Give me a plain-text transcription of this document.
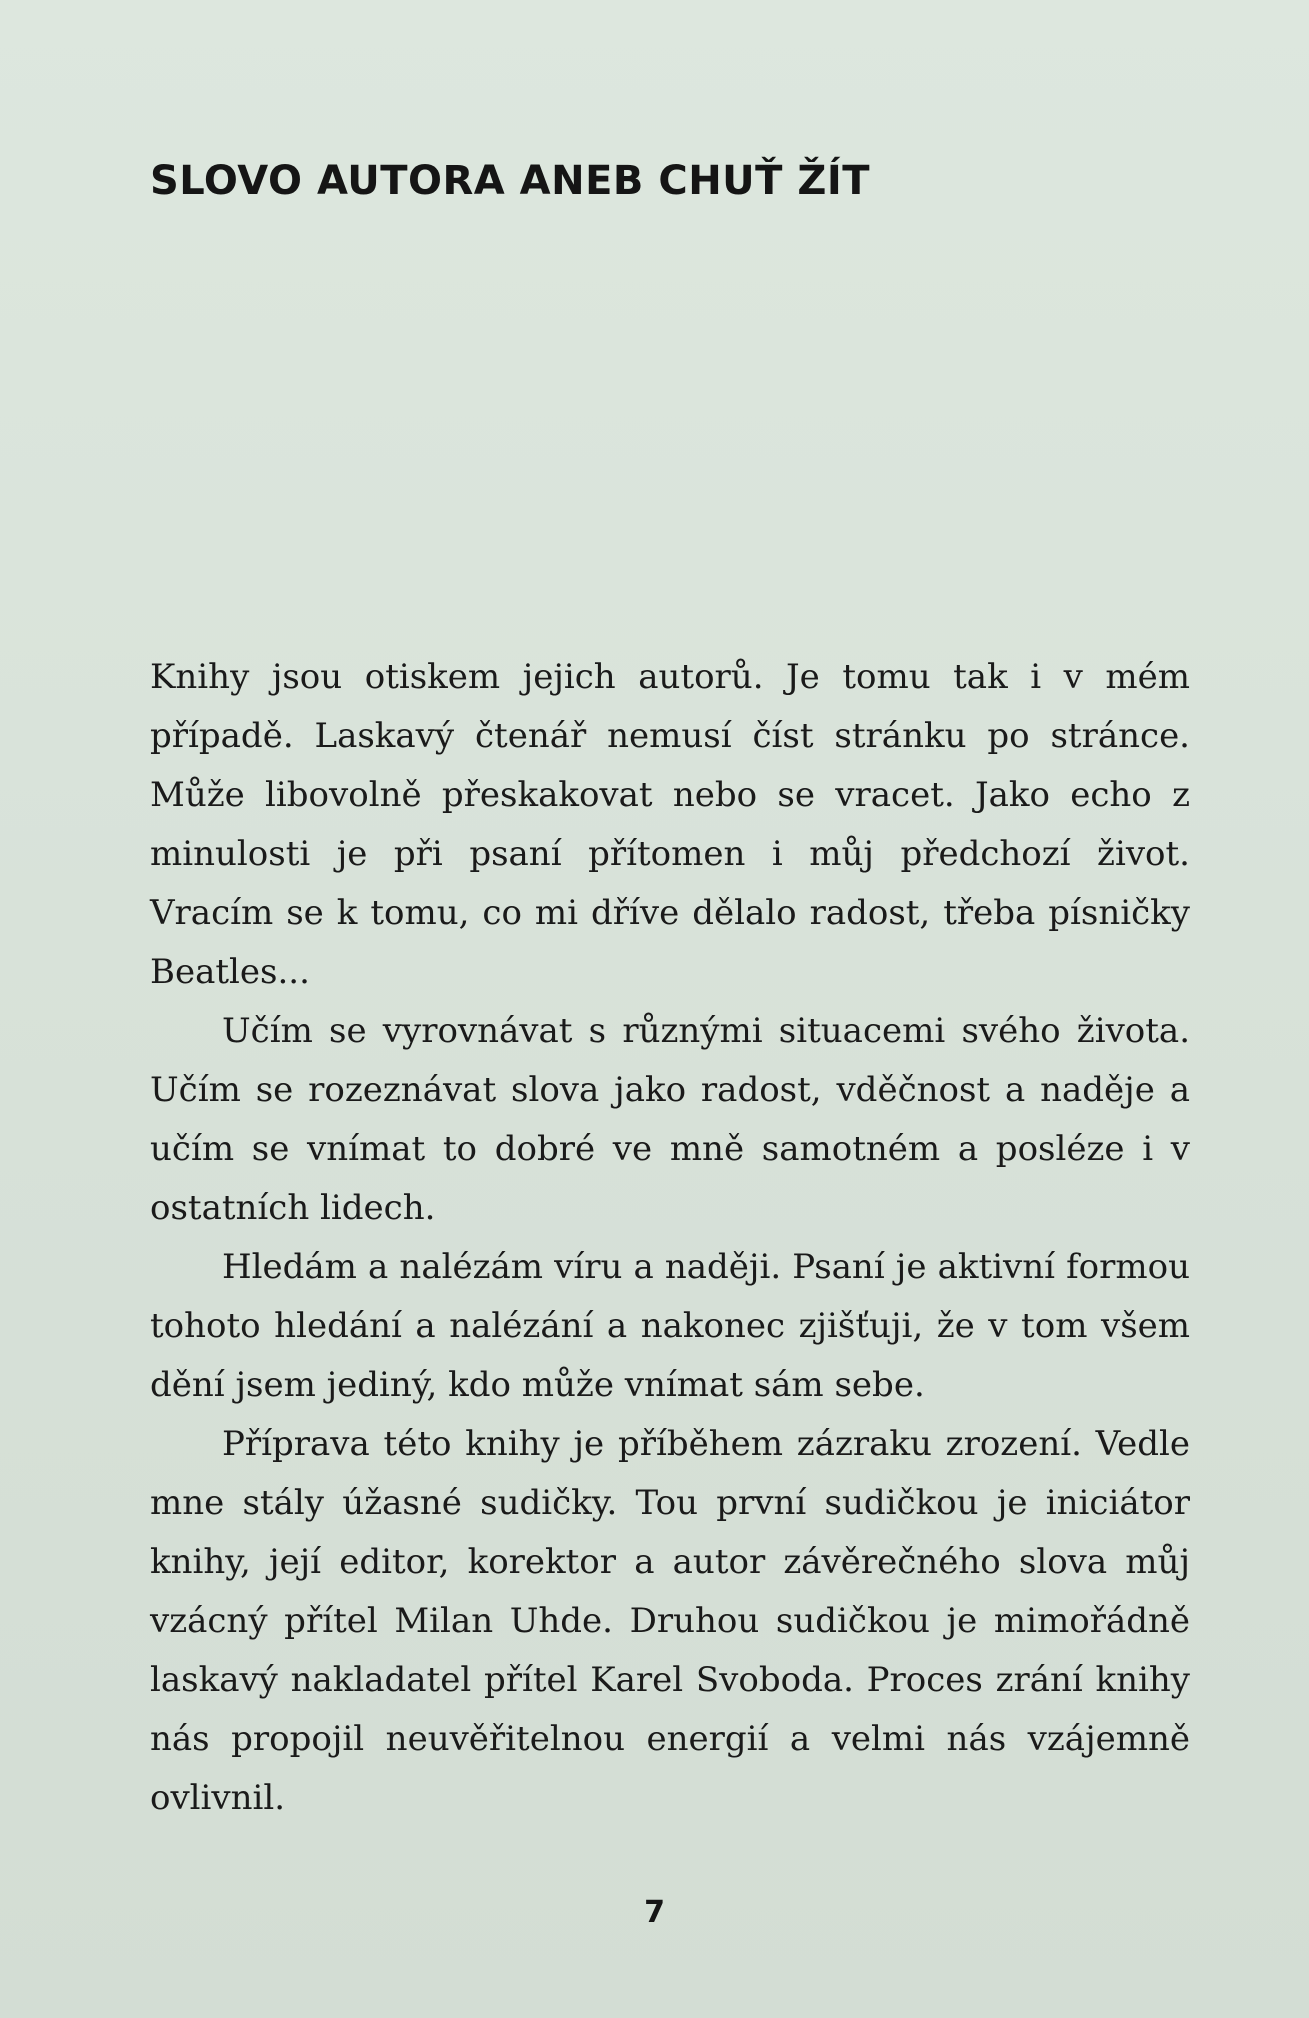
SLOVO AUTORA ANEB CHUŤ ŽÍT

Knihy jsou otiskem jejich autorů. Je tomu tak i v mém případě. Laskavý čtenář nemusí číst stránku po stránce. Může libovolně přeskakovat nebo se vracet. Jako echo z minulosti je při psaní přítomen i můj předchozí život. Vracím se k tomu, co mi dříve dělalo radost, třeba písničky Beatles...

Učím se vyrovnávat s různými situacemi svého života. Učím se rozeznávat slova jako radost, vděčnost a naděje a učím se vnímat to dobré ve mně samotném a posléze i v ostatních lidech.

Hledám a nalézám víru a naději. Psaní je aktivní formou tohoto hledání a nalézání a nakonec zjišťuji, že v tom všem dění jsem jediný, kdo může vnímat sám sebe.

Příprava této knihy je příběhem zázraku zrození. Vedle mne stály úžasné sudičky. Tou první sudičkou je iniciátor knihy, její editor, korektor a autor závěrečného slova můj vzácný přítel Milan Uhde. Druhou sudičkou je mimořádně laskavý nakladatel přítel Karel Svoboda. Proces zrání knihy nás propojil neuvěřitelnou energií a velmi nás vzájemně ovlivnil.

7
